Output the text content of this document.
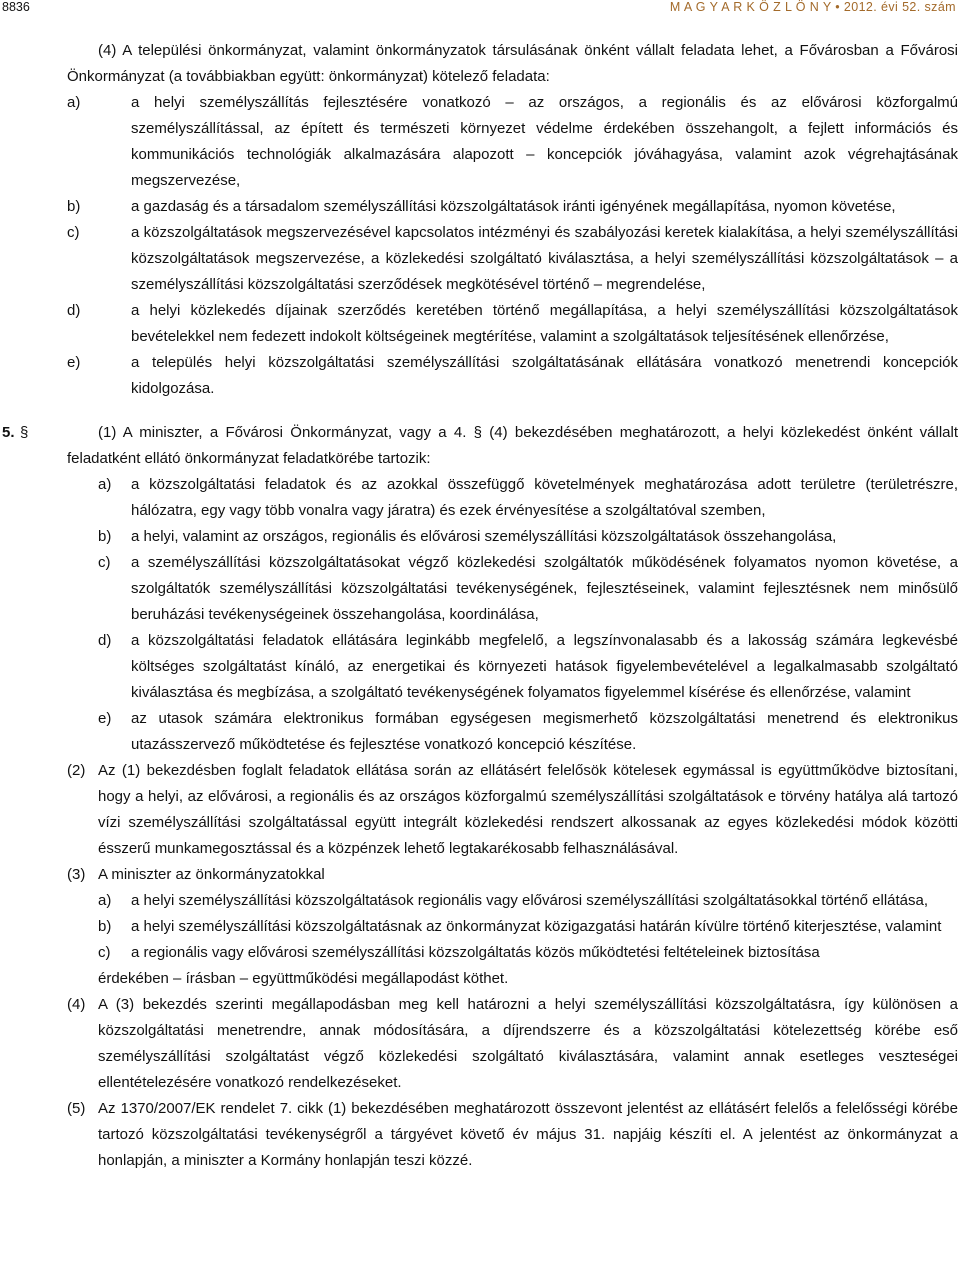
8836	M A G Y A R K Ö Z L Ö N Y • 2012. évi 52. szám
(4) A települési önkormányzat, valamint önkormányzatok társulásának önként vállalt feladata lehet, a Fővárosban a Fővárosi Önkormányzat (a továbbiakban együtt: önkormányzat) kötelező feladata:
a)	a helyi személyszállítás fejlesztésére vonatkozó – az országos, a regionális és az elővárosi közforgalmú személyszállítással, az épített és természeti környezet védelme érdekében összehangolt, a fejlett információs és kommunikációs technológiák alkalmazására alapozott – koncepciók jóváhagyása, valamint azok végrehajtásának megszervezése,
b)	a gazdaság és a társadalom személyszállítási közszolgáltatások iránti igényének megállapítása, nyomon követése,
c)	a közszolgáltatások megszervezésével kapcsolatos intézményi és szabályozási keretek kialakítása, a helyi személyszállítási közszolgáltatások megszervezése, a közlekedési szolgáltató kiválasztása, a helyi személyszállítási közszolgáltatások – a személyszállítási közszolgáltatási szerződések megkötésével történő – megrendelése,
d)	a helyi közlekedés díjainak szerződés keretében történő megállapítása, a helyi személyszállítási közszolgáltatások bevételekkel nem fedezett indokolt költségeinek megtérítése, valamint a szolgáltatások teljesítésének ellenőrzése,
e)	a település helyi közszolgáltatási személyszállítási szolgáltatásának ellátására vonatkozó menetrendi koncepciók kidolgozása.
5. §	(1) A miniszter, a Fővárosi Önkormányzat, vagy a 4. § (4) bekezdésében meghatározott, a helyi közlekedést önként vállalt feladatként ellátó önkormányzat feladatkörébe tartozik:
a) a közszolgáltatási feladatok és az azokkal összefüggő követelmények meghatározása adott területre (területrészre, hálózatra, egy vagy több vonalra vagy járatra) és ezek érvényesítése a szolgáltatóval szemben,
b) a helyi, valamint az országos, regionális és elővárosi személyszállítási közszolgáltatások összehangolása,
c) a személyszállítási közszolgáltatásokat végző közlekedési szolgáltatók működésének folyamatos nyomon követése, a szolgáltatók személyszállítási közszolgáltatási tevékenységének, fejlesztéseinek, valamint fejlesztésnek nem minősülő beruházási tevékenységeinek összehangolása, koordinálása,
d) a közszolgáltatási feladatok ellátására leginkább megfelelő, a legszínvonalasabb és a lakosság számára legkevésbé költséges szolgáltatást kínáló, az energetikai és környezeti hatások figyelembevételével a legalkalmasabb szolgáltató kiválasztása és megbízása, a szolgáltató tevékenységének folyamatos figyelemmel kísérése és ellenőrzése, valamint
e) az utasok számára elektronikus formában egységesen megismerhető közszolgáltatási menetrend és elektronikus utazásszervező működtetése és fejlesztése vonatkozó koncepció készítése.
(2) Az (1) bekezdésben foglalt feladatok ellátása során az ellátásért felelősök kötelesek egymással is együttműködve biztosítani, hogy a helyi, az elővárosi, a regionális és az országos közforgalmú személyszállítási szolgáltatások e törvény hatálya alá tartozó vízi személyszállítási szolgáltatással együtt integrált közlekedési rendszert alkossanak az egyes közlekedési módok közötti ésszerű munkamegosztással és a közpénzek lehető legtakarékosabb felhasználásával.
(3) A miniszter az önkormányzatokkal
a) a helyi személyszállítási közszolgáltatások regionális vagy elővárosi személyszállítási szolgáltatásokkal történő ellátása,
b) a helyi személyszállítási közszolgáltatásnak az önkormányzat közigazgatási határán kívülre történő kiterjesztése, valamint
c) a regionális vagy elővárosi személyszállítási közszolgáltatás közös működtetési feltételeinek biztosítása
érdekében – írásban – együttműködési megállapodást köthet.
(4) A (3) bekezdés szerinti megállapodásban meg kell határozni a helyi személyszállítási közszolgáltatásra, így különösen a közszolgáltatási menetrendre, annak módosítására, a díjrendszerre és a közszolgáltatási kötelezettség körébe eső személyszállítási szolgáltatást végző közlekedési szolgáltató kiválasztására, valamint annak esetleges veszteségei ellentételezésére vonatkozó rendelkezéseket.
(5) Az 1370/2007/EK rendelet 7. cikk (1) bekezdésében meghatározott összevont jelentést az ellátásért felelős a felelősségi körébe tartozó közszolgáltatási tevékenységről a tárgyévet követő év május 31. napjáig készíti el. A jelentést az önkormányzat a honlapján, a miniszter a Kormány honlapján teszi közzé.
